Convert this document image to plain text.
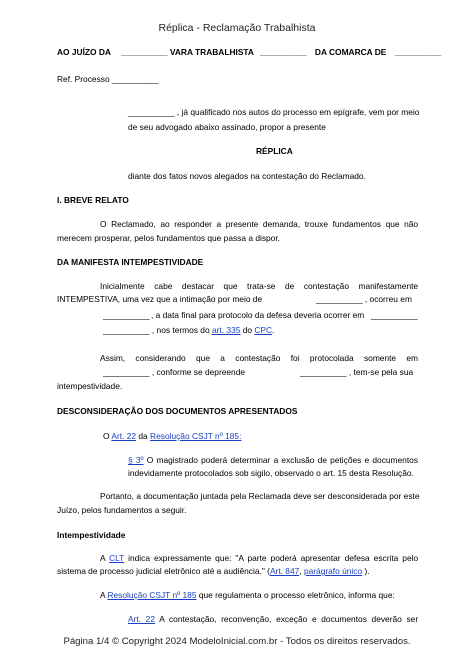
Réplica - Reclamação Trabalhista
AO JUÍZO DA __________ VARA TRABALHISTA __________ DA COMARCA DE __________
Ref. Processo __________
__________ , já qualificado nos autos do processo em epígrafe, vem por meio
de seu advogado abaixo assinado, propor a presente
RÉPLICA
diante dos fatos novos alegados na contestação do Reclamado.
I. BREVE RELATO
O Reclamado, ao responder a presente demanda, trouxe fundamentos que não
merecem prosperar, pelos fundamentos que passa a dispor.
DA MANIFESTA INTEMPESTIVIDADE
Inicialmente cabe destacar que trata-se de contestação manifestamente
INTEMPESTIVA, uma vez que a intimação por meio de	__________ , ocorreu em
__________ , a data final para protocolo da defesa deveria ocorrer em __________
__________ , nos termos do art. 335 do CPC.
Assim, considerando que a contestação foi protocolada somente em
__________ , conforme se depreende	__________ , tem-se pela sua
intempestividade.
DESCONSIDERAÇÃO DOS DOCUMENTOS APRESENTADOS
O Art. 22 da Resolução CSJT nº 185:
§ 3º O magistrado poderá determinar a exclusão de petições e documentos
indevidamente protocolados sob sigilo, observado o art. 15 desta Resolução.
Portanto, a documentação juntada pela Reclamada deve ser desconsiderada por este
Juízo, pelos fundamentos a seguir.
Intempestividade
A CLT indica expressamente que: "A parte poderá apresentar defesa escrita pelo
sistema de processo judicial eletrônico até a audiência." (Art. 847, parágrafo único ).
A Resolução CSJT nº 185 que regulamenta o processo eletrônico, informa que:
Art. 22 A contestação, reconvenção, exceção e documentos deverão ser
Página 1/4 © Copyright 2024 ModeloInicial.com.br - Todos os direitos reservados.
